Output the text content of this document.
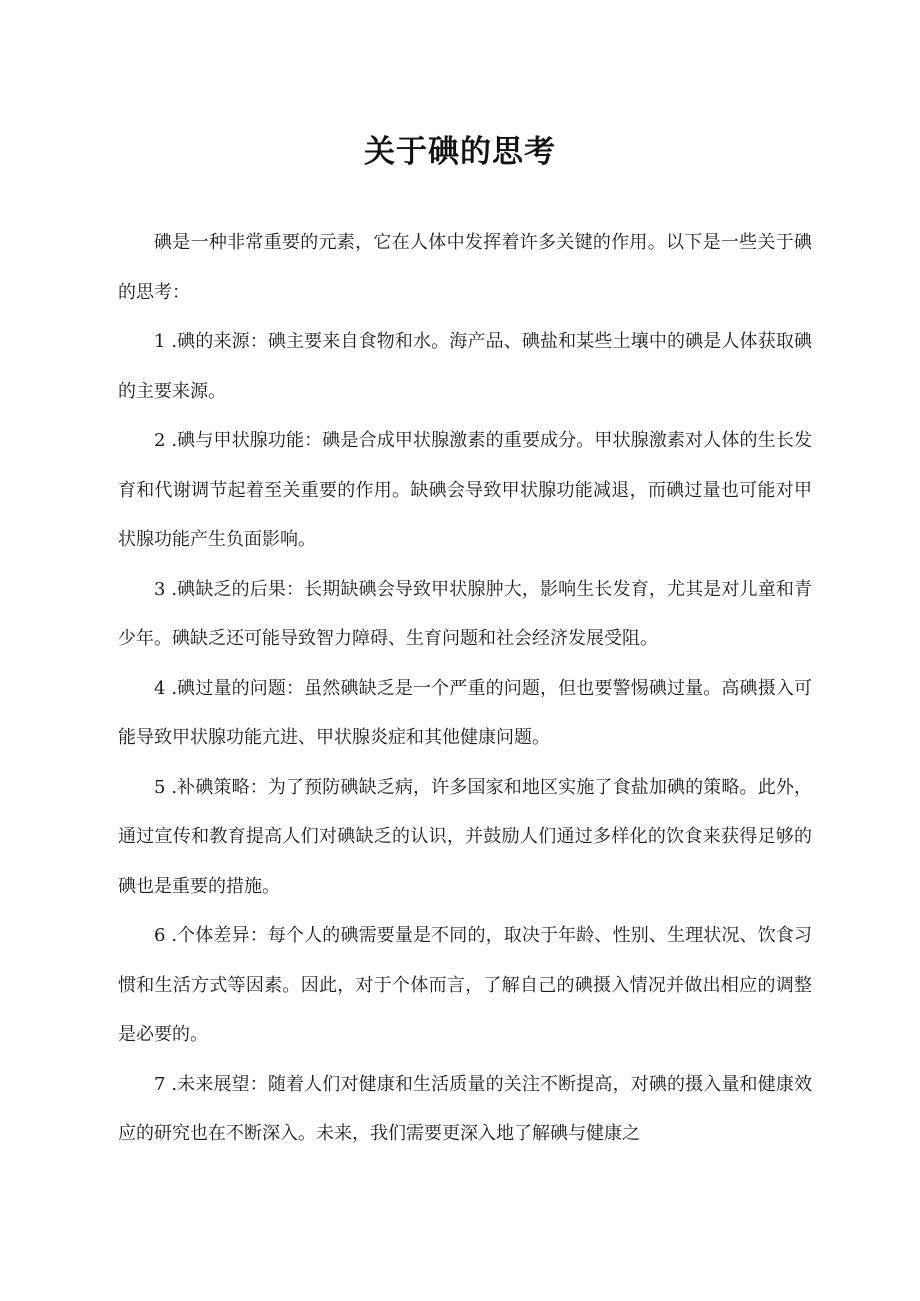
关于碘的思考

碘是一种非常重要的元素，它在人体中发挥着许多关键的作用。以下是一些关于碘的思考：

1 .碘的来源：碘主要来自食物和水。海产品、碘盐和某些土壤中的碘是人体获取碘的主要来源。

2 .碘与甲状腺功能：碘是合成甲状腺激素的重要成分。甲状腺激素对人体的生长发育和代谢调节起着至关重要的作用。缺碘会导致甲状腺功能减退，而碘过量也可能对甲状腺功能产生负面影响。

3 .碘缺乏的后果：长期缺碘会导致甲状腺肿大，影响生长发育，尤其是对儿童和青少年。碘缺乏还可能导致智力障碍、生育问题和社会经济发展受阻。

4 .碘过量的问题：虽然碘缺乏是一个严重的问题，但也要警惕碘过量。高碘摄入可能导致甲状腺功能亢进、甲状腺炎症和其他健康问题。

5 .补碘策略：为了预防碘缺乏病，许多国家和地区实施了食盐加碘的策略。此外，通过宣传和教育提高人们对碘缺乏的认识，并鼓励人们通过多样化的饮食来获得足够的碘也是重要的措施。

6 .个体差异：每个人的碘需要量是不同的，取决于年龄、性别、生理状况、饮食习惯和生活方式等因素。因此，对于个体而言，了解自己的碘摄入情况并做出相应的调整是必要的。

7 .未来展望：随着人们对健康和生活质量的关注不断提高，对碘的摄入量和健康效应的研究也在不断深入。未来，我们需要更深入地了解碘与健康之
